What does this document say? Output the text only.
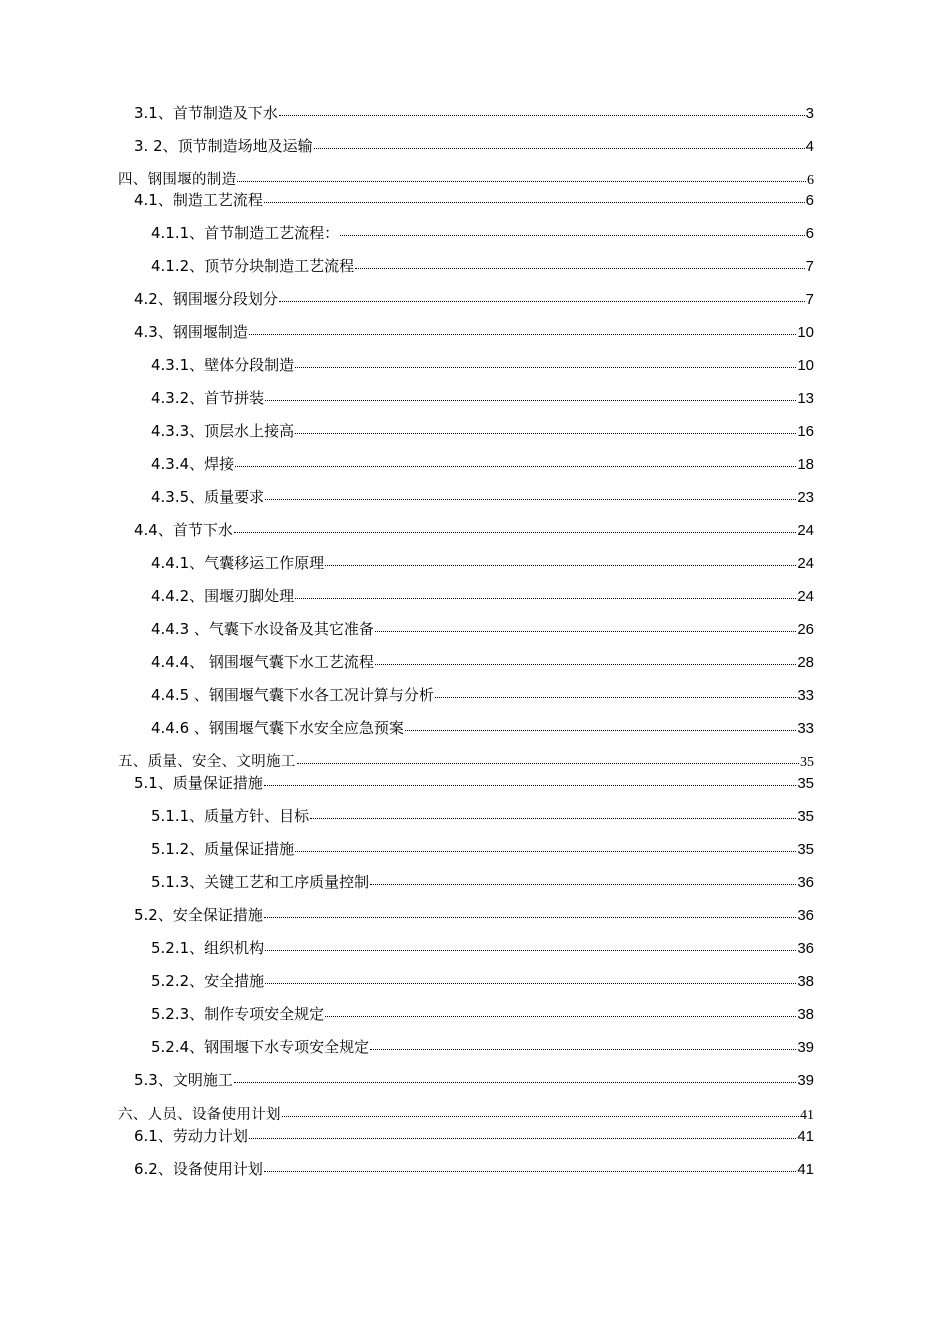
3.1、首节制造及下水	3
3. 2、顶节制造场地及运输	4
四、钢围堰的制造	6
4.1、制造工艺流程	6
4.1.1、首节制造工艺流程：	6
4.1.2、顶节分块制造工艺流程	7
4.2、钢围堰分段划分	7
4.3、钢围堰制造	10
4.3.1、壁体分段制造	10
4.3.2、首节拼装	13
4.3.3、顶层水上接高	16
4.3.4、焊接	18
4.3.5、质量要求	23
4.4、首节下水	24
4.4.1、气囊移运工作原理	24
4.4.2、围堰刃脚处理	24
4.4.3 、气囊下水设备及其它准备	26
4.4.4、 钢围堰气囊下水工艺流程	28
4.4.5 、钢围堰气囊下水各工况计算与分析	33
4.4.6 、钢围堰气囊下水安全应急预案	33
五、质量、安全、文明施工	35
5.1、质量保证措施	35
5.1.1、质量方针、目标	35
5.1.2、质量保证措施	35
5.1.3、关键工艺和工序质量控制	36
5.2、安全保证措施	36
5.2.1、组织机构	36
5.2.2、安全措施	38
5.2.3、制作专项安全规定	38
5.2.4、钢围堰下水专项安全规定	39
5.3、文明施工	39
六、人员、设备使用计划	41
6.1、劳动力计划	41
6.2、设备使用计划	41
